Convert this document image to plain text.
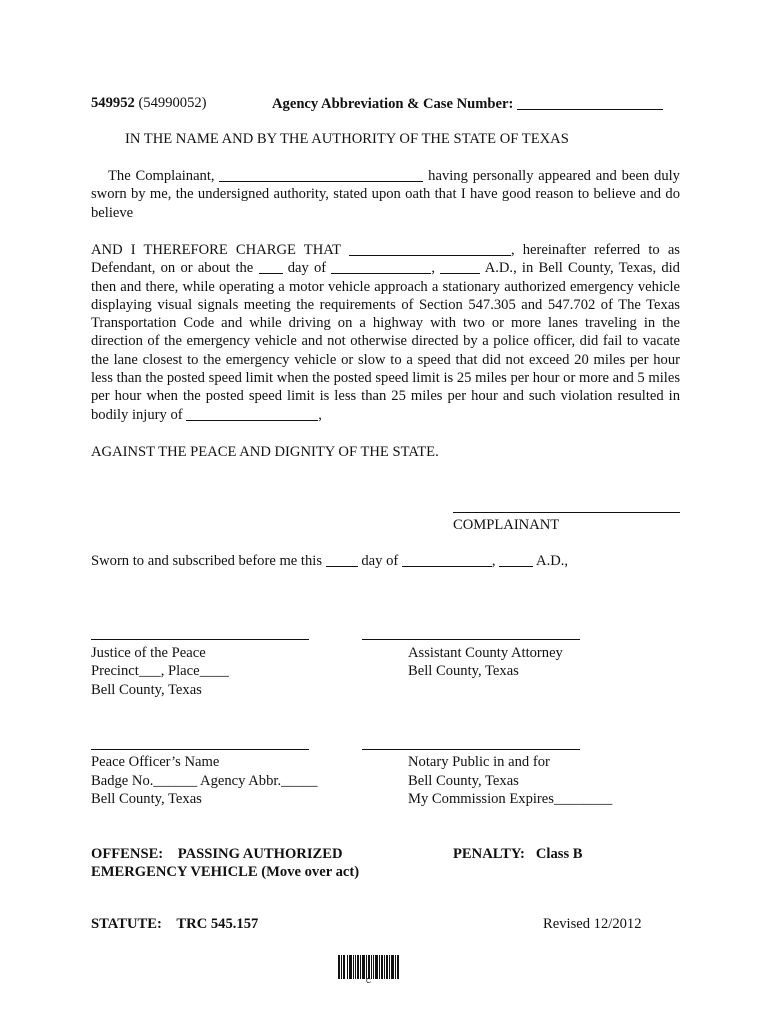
549952 (54990052)	Agency Abbreviation & Case Number:
IN THE NAME AND BY THE AUTHORITY OF THE STATE OF TEXAS
The Complainant,	having personally appeared and been duly sworn by me, the undersigned authority, stated upon oath that I have good reason to believe and do believe
AND I THEREFORE CHARGE THAT	, hereinafter referred to as Defendant, on or about the day of	,	A.D., in Bell County, Texas, did then and there, while operating a motor vehicle approach a stationary authorized emergency vehicle displaying visual signals meeting the requirements of Section 547.305 and 547.702 of The Texas Transportation Code and while driving on a highway with two or more lanes traveling in the direction of the emergency vehicle and not otherwise directed by a police officer, did fail to vacate the lane closest to the emergency vehicle or slow to a speed that did not exceed 20 miles per hour less than the posted speed limit when the posted speed limit is 25 miles per hour or more and 5 miles per hour when the posted speed limit is less than 25 miles per hour and such violation resulted in bodily injury of	,
AGAINST THE PEACE AND DIGNITY OF THE STATE.
COMPLAINANT
Sworn to and subscribed before me this	day of	,	A.D.,
Justice of the Peace
Precinct___, Place____
Bell County, Texas
Assistant County Attorney
Bell County, Texas
Peace Officer’s Name
Badge No.______ Agency Abbr._____
Bell County, Texas
Notary Public in and for
Bell County, Texas
My Commission Expires________
OFFENSE: PASSING AUTHORIZED
EMERGENCY VEHICLE (Move over act)
PENALTY: Class B
STATUTE: TRC 545.157	Revised 12/2012
C
